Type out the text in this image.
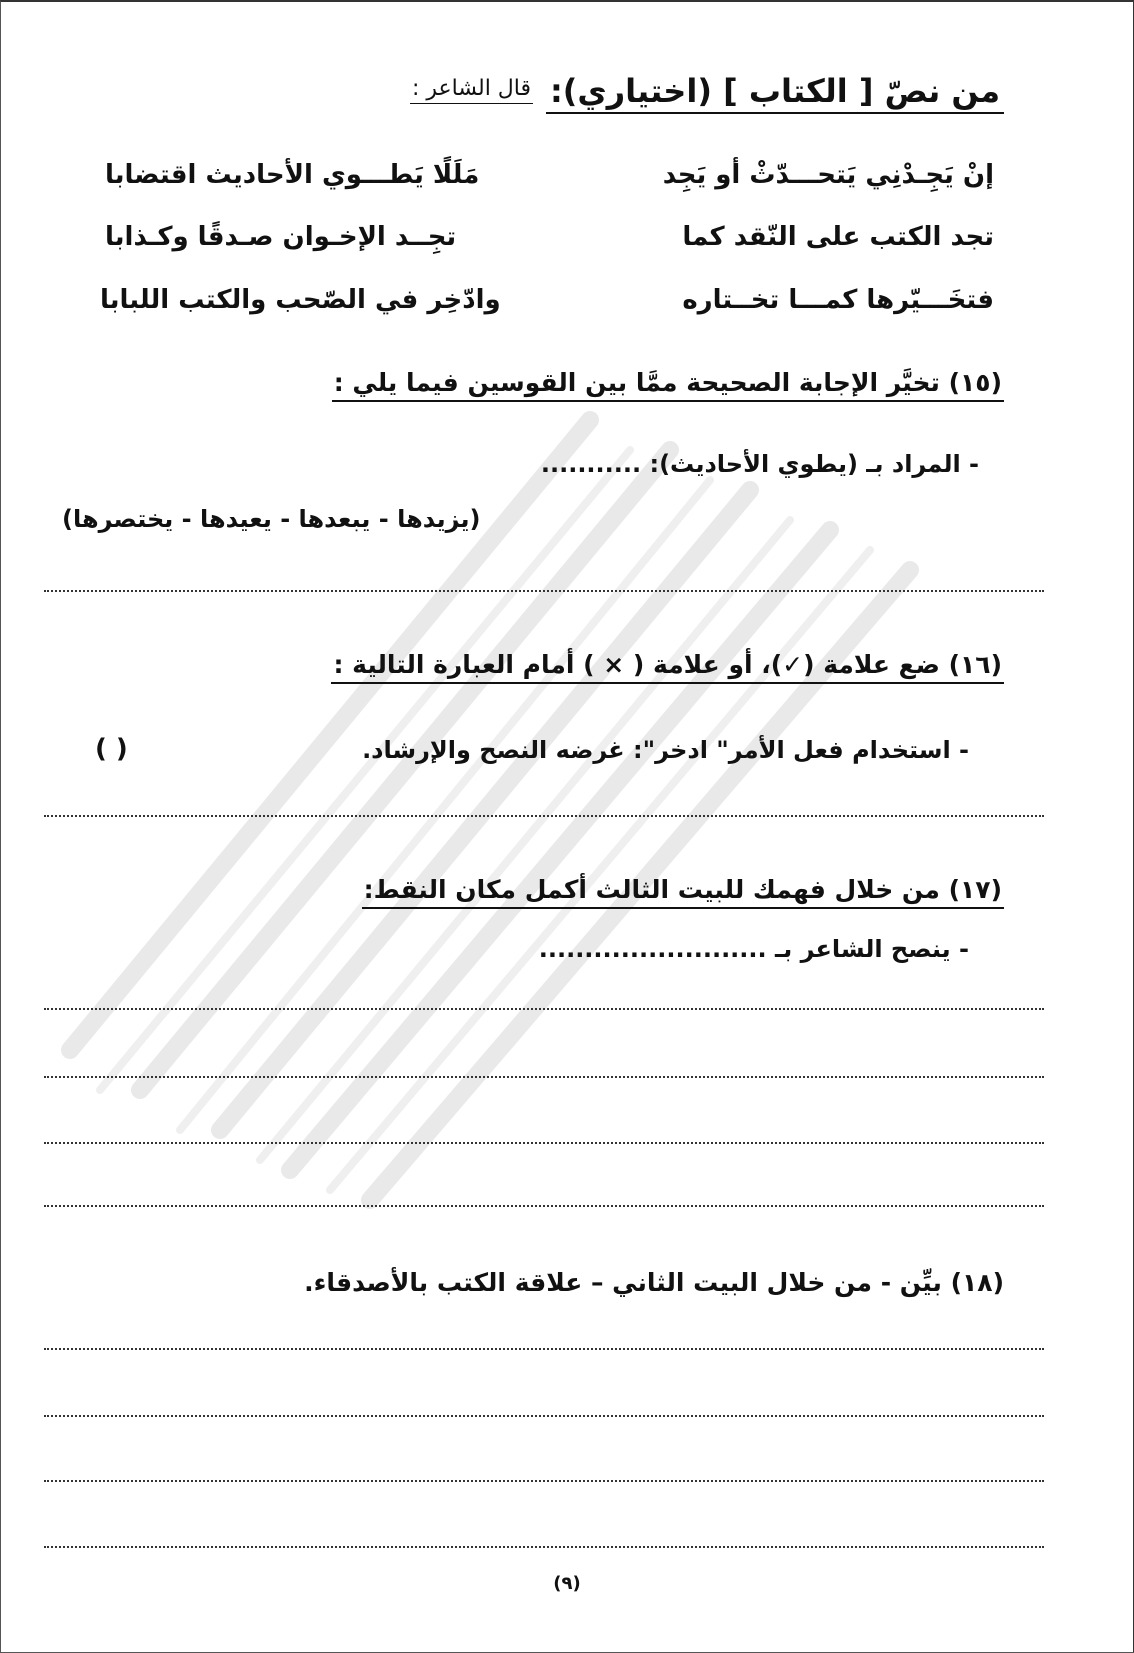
من نصّ [ الكتاب ] (اختياري):
قال الشاعر :
إنْ يَجِـدْنِي يَتحـــدّثْ أو يَجِد
مَلَلًا يَطـــوي الأحاديث اقتضابا
تجد الكتب على النّقد كما
تجِــد الإخـوان صـدقًا وكـذابا
فتخَـــيّرها كمـــا تخــتاره
وادّخِر في الصّحب والكتب اللبابا
(١٥) تخيَّر الإجابة الصحيحة ممَّا بين القوسين فيما يلي :
- المراد بـ (يطوي الأحاديث): ...........
(يزيدها - يبعدها - يعيدها - يختصرها)
(١٦) ضع علامة (✓)، أو علامة ( × ) أمام العبارة التالية :
- استخدام فعل الأمر" ادخر": غرضه النصح والإرشاد.
( )
(١٧) من خلال فهمك للبيت الثالث أكمل مكان النقط:
- ينصح الشاعر بـ .........................
(١٨) بيِّن - من خلال البيت الثاني – علاقة الكتب بالأصدقاء.
(٩)
